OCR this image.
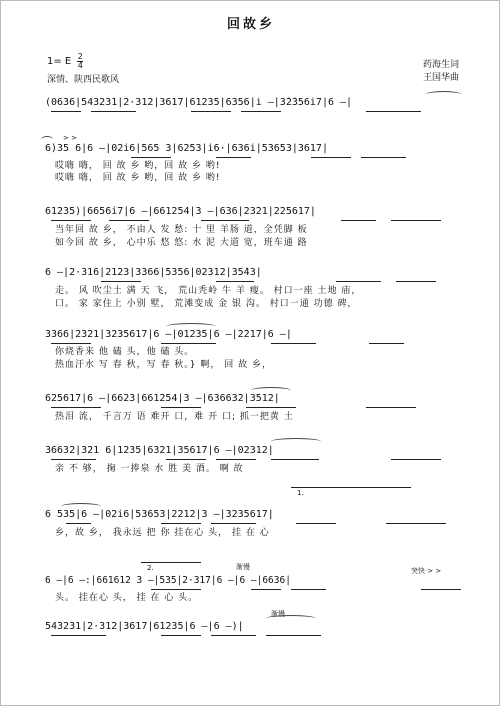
回故乡
1= E $\frac{2}{4}$
深情、陕西民歌风
药海生词
王国华曲
(0636|543231|2·312|3617|61235|6356|i̇ –|3̇2̇356i7|6 –|
> >
6)35 6|6 –|02i6|565 3|6253|i6·|636i|53653|3617|
哎嗨 嗨， 回 故 乡 哟，回 故 乡 哟!
哎嗨 嗨， 回 故 乡 哟，回 故 乡 哟!
61235)|6656i7|6 –|661254|3 –|636|2321|225617|
当年回 故 乡， 不由人 发 愁: 十 里 羊肠 道，全凭脚 板
如今回 故 乡， 心中乐 悠 悠: 水 泥 大道 宽，班车通 路
6 –|2·316|2123|3366|5356|02312|35̇43|
走。 风 吹尘土 满 天 飞， 荒山秃岭 牛 羊 瘦。 村口一座 土地 庙，
口。 家 家住上 小别 墅， 荒滩变成 金 银 沟。 村口一通 功德 碑，
3366|2321|3235617|6 –|01235|6 –|2217|6 –|
你烧香来 他 磕 头，他 磕 头。
热血汗水 写 春 秋，写 春 秋。} 啊， 回 故 乡，
625617|6 –|6623|661254|3 –|636632|3512|
热泪 流， 千言万 语 难开 口，难 开 口; 抓一把黄 土
36632|321 6|1235|6321|35617|6 –|02312|
亲 不 够， 掬 一捧泉 水 胜 美 酒。 啊 故
1.
6 535|6 –|02i6|53653|2212|3 –|3235617|
乡，故 乡， 我永远 把 你 挂在心 头， 挂 在 心
2.	渐慢	突快 > >
6 –|6 –:|661612 3 –|535|2·317|6 –|6 –|6636|
头。 挂在心 头， 挂 在 心 头。
渐慢
543231|2·312|3617|61235|6 –|6 –)|
